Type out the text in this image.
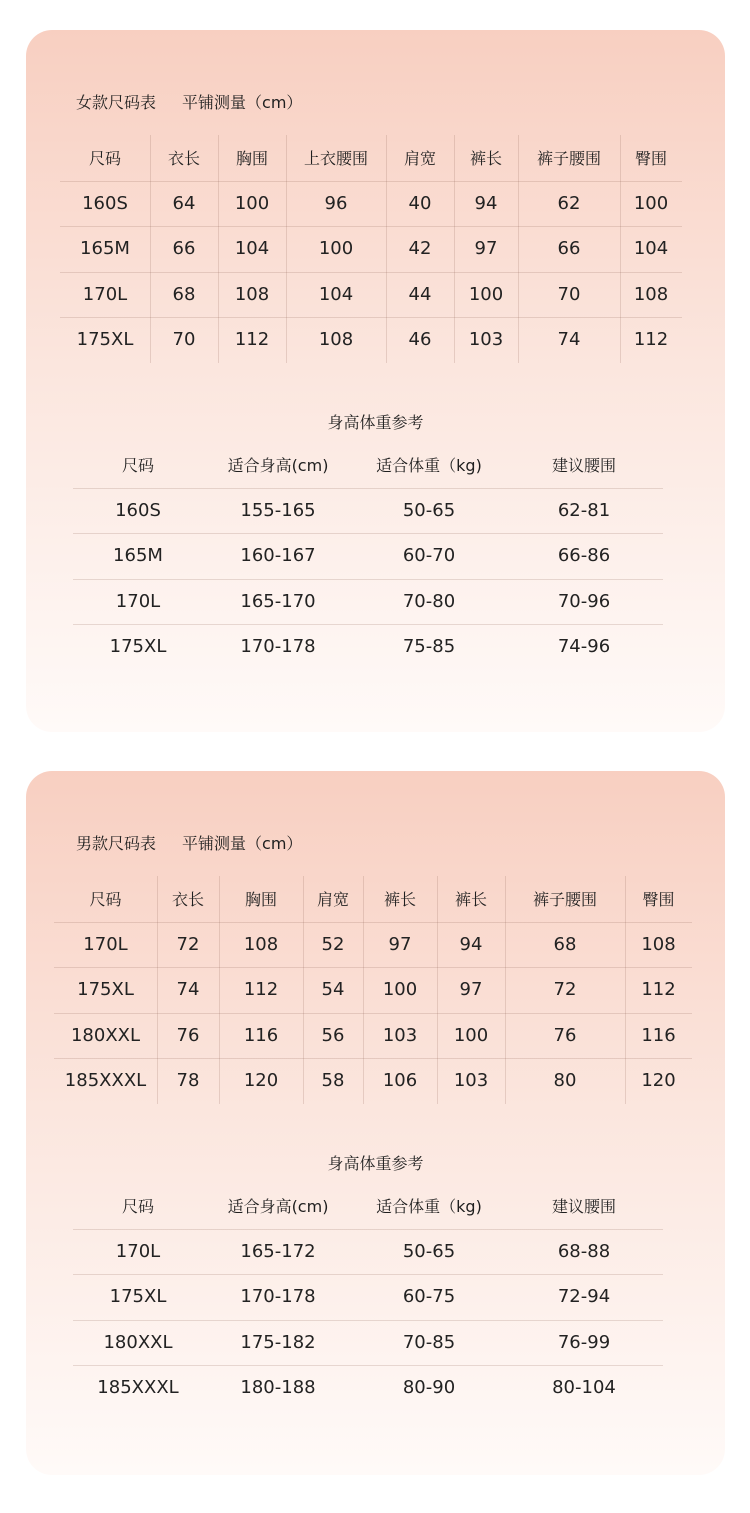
女款尺码表 平铺测量（cm）
尺码	衣长	胸围	上衣腰围	肩宽	裤长	裤子腰围	臀围
160S	64	100	96	40	94	62	100
165M	66	104	100	42	97	66	104
170L	68	108	104	44	100	70	108
175XL	70	112	108	46	103	74	112
身高体重参考
尺码	适合身高(cm)	适合体重（kg)	建议腰围
160S	155-165	50-65	62-81
165M	160-167	60-70	66-86
170L	165-170	70-80	70-96
175XL	170-178	75-85	74-96
男款尺码表 平铺测量（cm）
尺码	衣长	胸围	肩宽	裤长	裤长	裤子腰围	臀围
170L	72	108	52	97	94	68	108
175XL	74	112	54	100	97	72	112
180XXL	76	116	56	103	100	76	116
185XXXL	78	120	58	106	103	80	120
身高体重参考
尺码	适合身高(cm)	适合体重（kg)	建议腰围
170L	165-172	50-65	68-88
175XL	170-178	60-75	72-94
180XXL	175-182	70-85	76-99
185XXXL	180-188	80-90	80-104
